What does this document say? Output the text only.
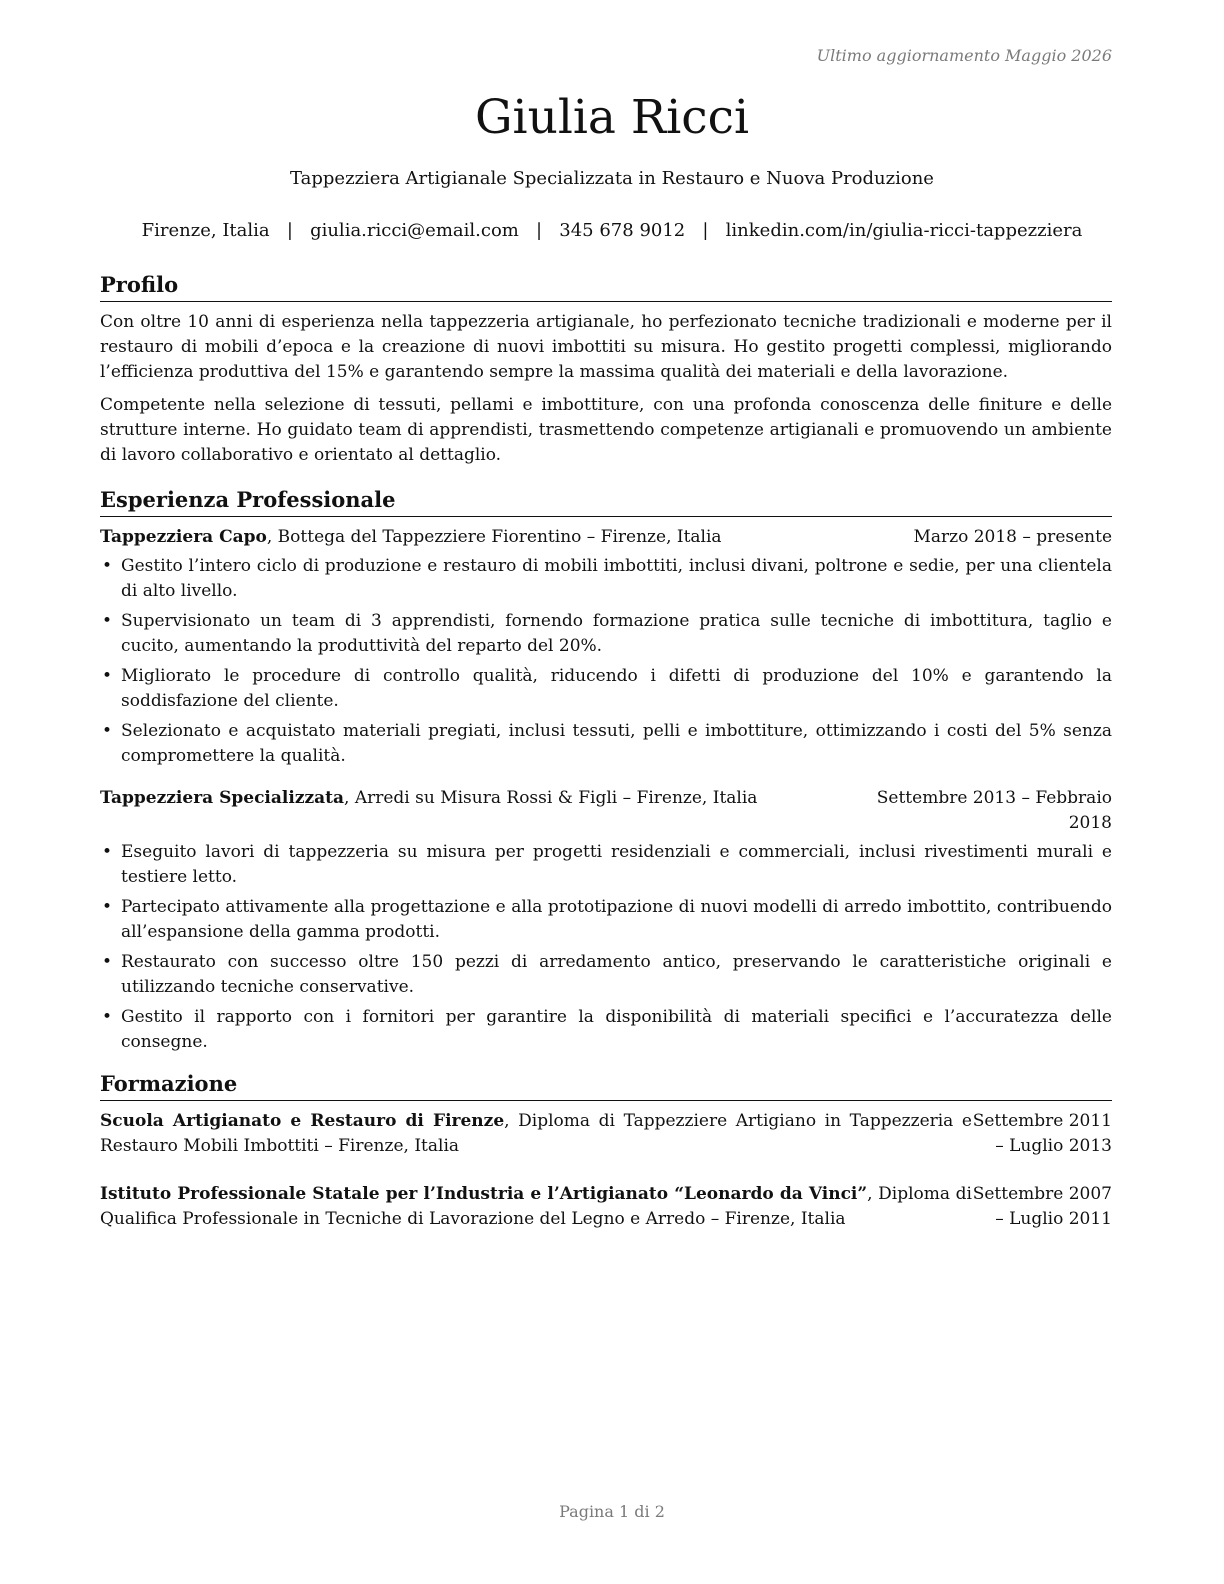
Ultimo aggiornamento Maggio 2026
Giulia Ricci
Tappezziera Artigianale Specializzata in Restauro e Nuova Produzione
Firenze, Italia | giulia.ricci@email.com | 345 678 9012 | linkedin.com/in/giulia-ricci-tappezziera
Profilo

Con oltre 10 anni di esperienza nella tappezzeria artigianale, ho perfezionato tecniche tradizionali e moderne per il restauro di mobili d’epoca e la creazione di nuovi imbottiti su misura. Ho gestito progetti complessi, migliorando l’efficienza produttiva del 15% e garantendo sempre la massima qualità dei materiali e della lavorazione.

Competente nella selezione di tessuti, pellami e imbottiture, con una profonda conoscenza delle finiture e delle strutture interne. Ho guidato team di apprendisti, trasmettendo competenze artigianali e promuovendo un ambiente di lavoro collaborativo e orientato al dettaglio.

Esperienza Professionale
Tappezziera Capo, Bottega del Tappezziere Fiorentino – Firenze, Italia	Marzo 2018 – presente
• Gestito l’intero ciclo di produzione e restauro di mobili imbottiti, inclusi divani, poltrone e sedie, per una clientela di alto livello.
• Supervisionato un team di 3 apprendisti, fornendo formazione pratica sulle tecniche di imbottitura, taglio e cucito, aumentando la produttività del reparto del 20%.
• Migliorato le procedure di controllo qualità, riducendo i difetti di produzione del 10% e garantendo la soddisfazione del cliente.
• Selezionato e acquistato materiali pregiati, inclusi tessuti, pelli e imbottiture, ottimizzando i costi del 5% senza compromettere la qualità.
Tappezziera Specializzata, Arredi su Misura Rossi & Figli – Firenze, Italia	Settembre 2013 – Febbraio 2018
• Eseguito lavori di tappezzeria su misura per progetti residenziali e commerciali, inclusi rivestimenti murali e testiere letto.
• Partecipato attivamente alla progettazione e alla prototipazione di nuovi modelli di arredo imbottito, contribuendo all’espansione della gamma prodotti.
• Restaurato con successo oltre 150 pezzi di arredamento antico, preservando le caratteristiche originali e utilizzando tecniche conservative.
• Gestito il rapporto con i fornitori per garantire la disponibilità di materiali specifici e l’accuratezza delle consegne.
Formazione
Scuola Artigianato e Restauro di Firenze, Diploma di Tappezziere Artigiano in Tappezzeria e Restauro Mobili Imbottiti – Firenze, Italia
Settembre 2011 – Luglio 2013
Istituto Professionale Statale per l’Industria e l’Artigianato “Leonardo da Vinci”, Diploma di Qualifica Professionale in Tecniche di Lavorazione del Legno e Arredo – Firenze, Italia
Settembre 2007 – Luglio 2011
Pagina 1 di 2
